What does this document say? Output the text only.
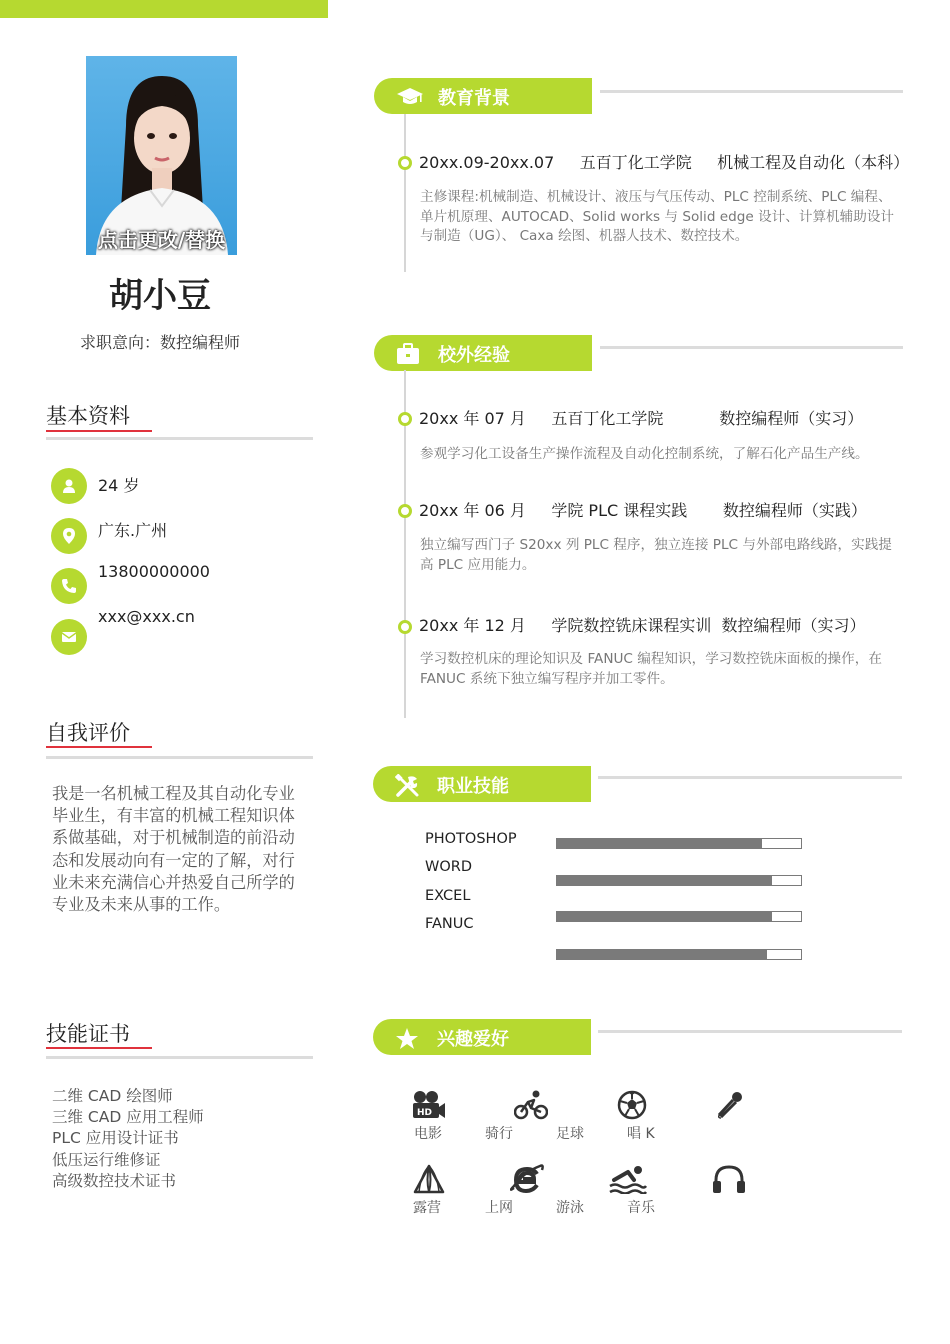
点击更改/替换
胡小豆
求职意向：数控编程师
基本资料
24 岁
广东.广州
13800000000
xxx@xxx.cn
自我评价
我是一名机械工程及其自动化专业毕业生，有丰富的机械工程知识体系做基础，对于机械制造的前沿动态和发展动向有一定的了解，对行业未来充满信心并热爱自己所学的专业及未来从事的工作。
技能证书
二维 CAD 绘图师
三维 CAD 应用工程师
PLC 应用设计证书
低压运行维修证
高级数控技术证书
教育背景
20xx.09-20xx.07     五百丁化工学院     机械工程及自动化（本科）
主修课程:机械制造、机械设计、液压与气压传动、PLC 控制系统、PLC 编程、单片机原理、AUTOCAD、Solid works 与 Solid edge 设计、计算机辅助设计与制造（UG）、 Caxa 绘图、机器人技术、数控技术。
校外经验
20xx 年 07 月     五百丁化工学院           数控编程师（实习）
参观学习化工设备生产操作流程及自动化控制系统，了解石化产品生产线。
20xx 年 06 月     学院 PLC 课程实践       数控编程师（实践）
独立编写西门子 S20xx 列 PLC 程序，独立连接 PLC 与外部电路线路，实践提高 PLC 应用能力。
20xx 年 12 月     学院数控铣床课程实训  数控编程师（实习）
学习数控机床的理论知识及 FANUC 编程知识，学习数控铣床面板的操作，在 FANUC 系统下独立编写程序并加工零件。
职业技能
PHOTOSHOP
WORD
EXCEL
FANUC
兴趣爱好
HD
电影	骑行	足球	唱 K
露营	上网	游泳	音乐
